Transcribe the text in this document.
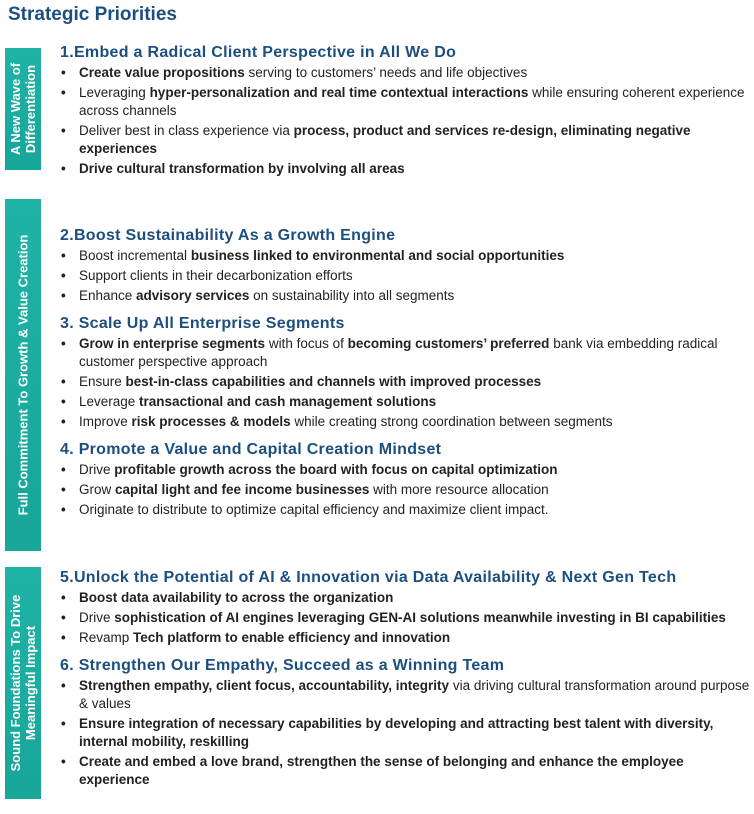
Strategic Priorities
A New Wave of Differentiation
Full Commitment To Growth & Value Creation
Sound Foundations To Drive Meaningful Impact
1.Embed a Radical Client Perspective in All We Do
• Create value propositions serving to customers’ needs and life objectives
• Leveraging hyper-personalization and real time contextual interactions while ensuring coherent experience across channels
• Deliver best in class experience via process, product and services re-design, eliminating negative experiences
• Drive cultural transformation by involving all areas
2.Boost Sustainability As a Growth Engine
• Boost incremental business linked to environmental and social opportunities
• Support clients in their decarbonization efforts
• Enhance advisory services on sustainability into all segments
3. Scale Up All Enterprise Segments
• Grow in enterprise segments with focus of becoming customers’ preferred bank via embedding radical customer perspective approach
• Ensure best-in-class capabilities and channels with improved processes
• Leverage transactional and cash management solutions
• Improve risk processes & models while creating strong coordination between segments
4. Promote a Value and Capital Creation Mindset
• Drive profitable growth across the board with focus on capital optimization
• Grow capital light and fee income businesses with more resource allocation
• Originate to distribute to optimize capital efficiency and maximize client impact.
5.Unlock the Potential of AI & Innovation via Data Availability & Next Gen Tech
• Boost data availability to across the organization
• Drive sophistication of AI engines leveraging GEN-AI solutions meanwhile investing in BI capabilities
• Revamp Tech platform to enable efficiency and innovation
6. Strengthen Our Empathy, Succeed as a Winning Team
• Strengthen empathy, client focus, accountability, integrity via driving cultural transformation around purpose & values
• Ensure integration of necessary capabilities by developing and attracting best talent with diversity, internal mobility, reskilling
• Create and embed a love brand, strengthen the sense of belonging and enhance the employee experience
